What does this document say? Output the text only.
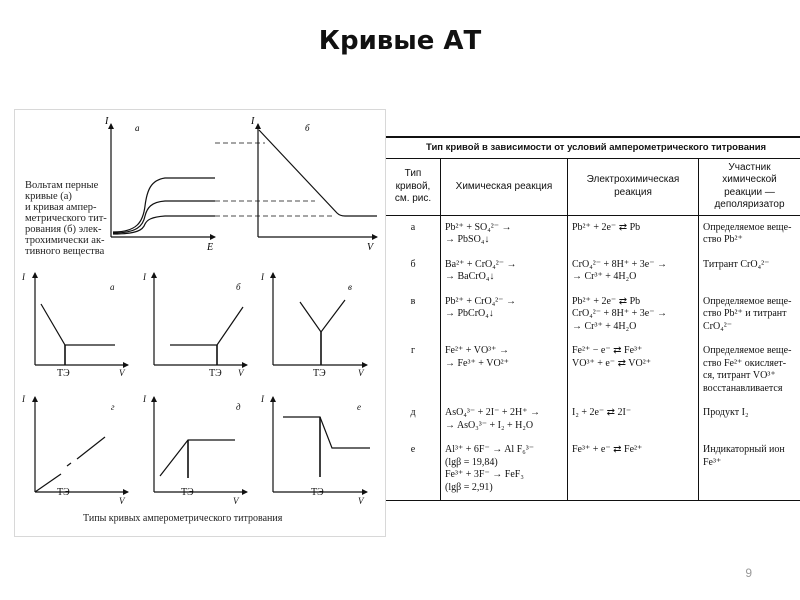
Кривые АТ
Вольтам перные
кривые (а)
и кривая ампер-
метрического тит-
рования (б) элек-
трохимически ак-
тивного вещества
I
а
E
I
б
V
I
а
V
I
б
V
I
в
V
I
г
V
I
д
V
I
е
V
ТЭ	ТЭ	ТЭ
ТЭ	ТЭ	ТЭ
Типы кривых амперометрического титрования
Тип кривой в зависимости от условий амперометрического титрования
Тип кривой, см. рис.	Химическая реакция	Электрохимическая реакция	Участник химической реакции — деполяризатор
а	Pb²⁺ + SO₄²⁻ →
→ PbSO₄↓	Pb²⁺ + 2e⁻ ⇄ Pb	Определяемое веще-
ство Pb²⁺

б	Ba²⁺ + CrO₄²⁻ →
→ BaCrO₄↓	CrO₄²⁻ + 8H⁺ + 3e⁻ →
→ Cr³⁺ + 4H₂O	Титрант CrO₄²⁻

в	Pb²⁺ + CrO₄²⁻ →
→ PbCrO₄↓	Pb²⁺ + 2e⁻ ⇄ Pb
CrO₄²⁻ + 8H⁺ + 3e⁻ →
→ Cr³⁺ + 4H₂O	Определяемое веще-
ство Pb²⁺ и титрант
CrO₄²⁻

г	Fe²⁺ + VO³⁺ →
→ Fe³⁺ + VO²⁺	Fe²⁺ − e⁻ ⇄ Fe³⁺
VO³⁺ + e⁻ ⇄ VO²⁺	Определяемое веще-
ство Fe²⁺ окисляет-
ся, титрант VO³⁺
восстанавливается

д	AsO₄³⁻ + 2I⁻ + 2H⁺ →
→ AsO₃³⁻ + I₂ + H₂O	I₂ + 2e⁻ ⇄ 2I⁻	Продукт I₂

е	Al³⁺ + 6F⁻ → Al F₆³⁻
(lgβ = 19,84)
Fe³⁺ + 3F⁻ → FeF₃
(lgβ = 2,91)	Fe³⁺ + e⁻ ⇄ Fe²⁺	Индикаторный ион
Fe³⁺
9
